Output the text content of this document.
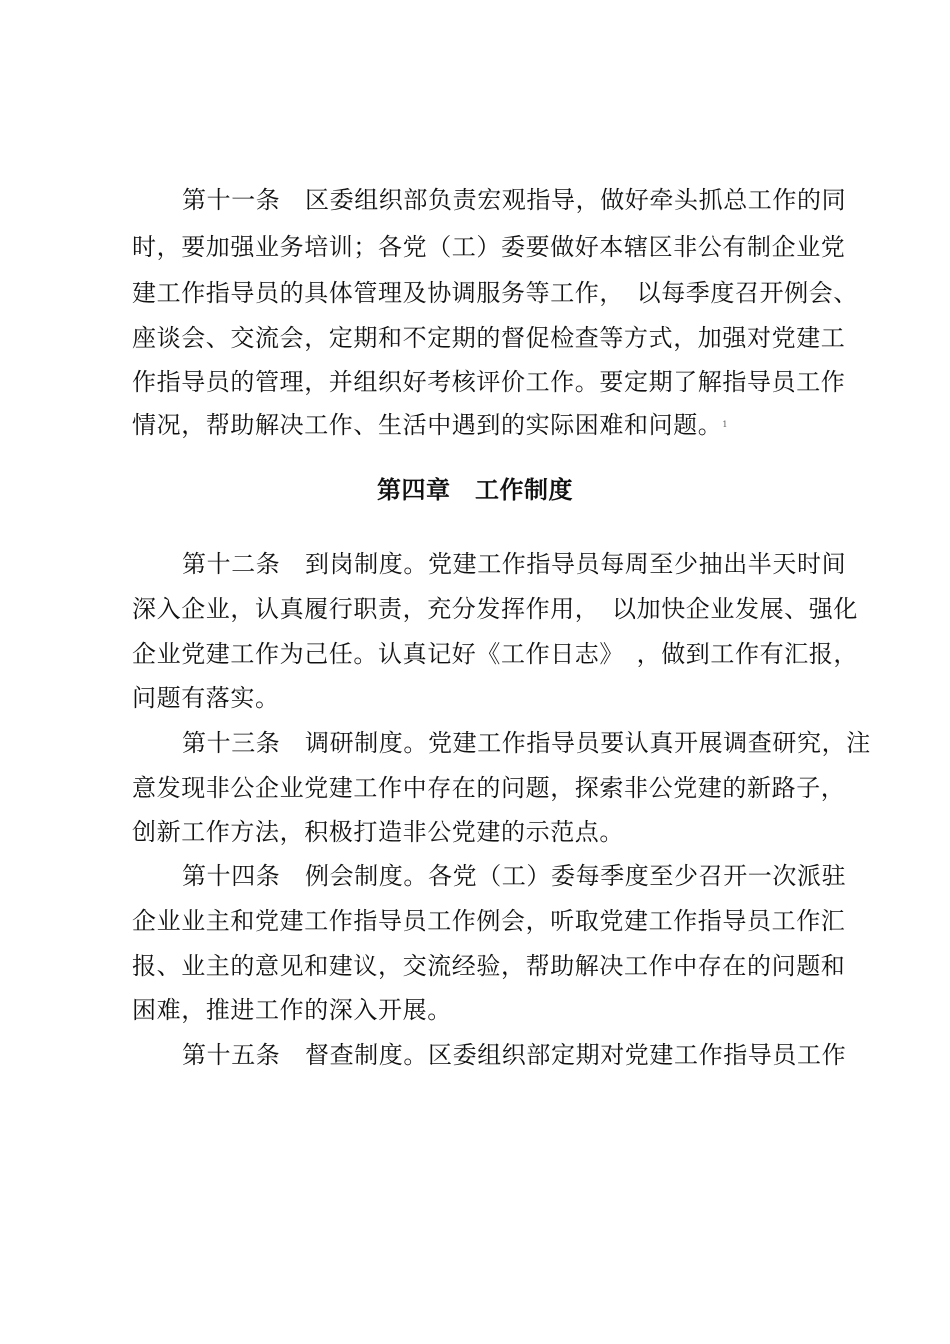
第十一条　区委组织部负责宏观指导，做好牵头抓总工作的同
时，要加强业务培训；各党（工）委要做好本辖区非公有制企业党
建工作指导员的具体管理及协调服务等工作，　以每季度召开例会、
座谈会、交流会，定期和不定期的督促检查等方式，加强对党建工
作指导员的管理，并组织好考核评价工作。要定期了解指导员工作
情况，帮助解决工作、生活中遇到的实际困难和问题。1
第四章　工作制度
第十二条　到岗制度。党建工作指导员每周至少抽出半天时间
深入企业，认真履行职责，充分发挥作用，　以加快企业发展、强化
企业党建工作为己任。认真记好《工作日志》　，做到工作有汇报，
问题有落实。
第十三条　调研制度。党建工作指导员要认真开展调查研究，注
意发现非公企业党建工作中存在的问题，探索非公党建的新路子，
创新工作方法，积极打造非公党建的示范点。
第十四条　例会制度。各党（工）委每季度至少召开一次派驻
企业业主和党建工作指导员工作例会，听取党建工作指导员工作汇
报、业主的意见和建议，交流经验，帮助解决工作中存在的问题和
困难，推进工作的深入开展。
第十五条　督查制度。区委组织部定期对党建工作指导员工作
